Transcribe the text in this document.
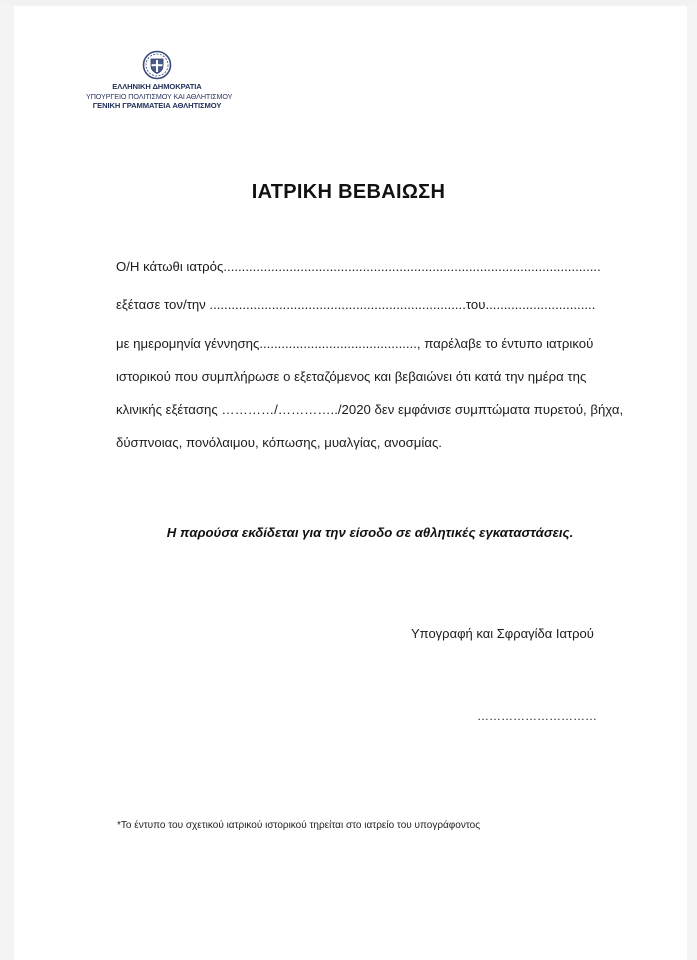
ΕΛΛΗΝΙΚΗ ΔΗΜΟΚΡΑΤΙΑ
ΥΠΟΥΡΓΕΙΟ ΠΟΛΙΤΙΣΜΟΥ ΚΑΙ ΑΘΛΗΤΙΣΜΟΥ
ΓΕΝΙΚΗ ΓΡΑΜΜΑΤΕΙΑ ΑΘΛΗΤΙΣΜΟΥ
ΙΑΤΡΙΚΗ ΒΕΒΑΙΩΣΗ
Ο/Η κάτωθι ιατρός.......................................................................................................
εξέτασε τον/την ......................................................................του..............................
με ημερομηνία γέννησης..........................................., παρέλαβε το έντυπο ιατρικού
ιστορικού που συμπλήρωσε ο εξεταζόμενος και βεβαιώνει ότι κατά την ημέρα της
κλινικής εξέτασης …………/…………../2020 δεν εμφάνισε συμπτώματα πυρετού, βήχα,
δύσπνοιας, πονόλαιμου, κόπωσης, μυαλγίας, ανοσμίας.
Η παρούσα εκδίδεται για την είσοδο σε αθλητικές εγκαταστάσεις.
Υπογραφή και Σφραγίδα Ιατρού
…………………………
*Το έντυπο του σχετικού ιατρικού ιστορικού τηρείται στο ιατρείο του υπογράφοντος
